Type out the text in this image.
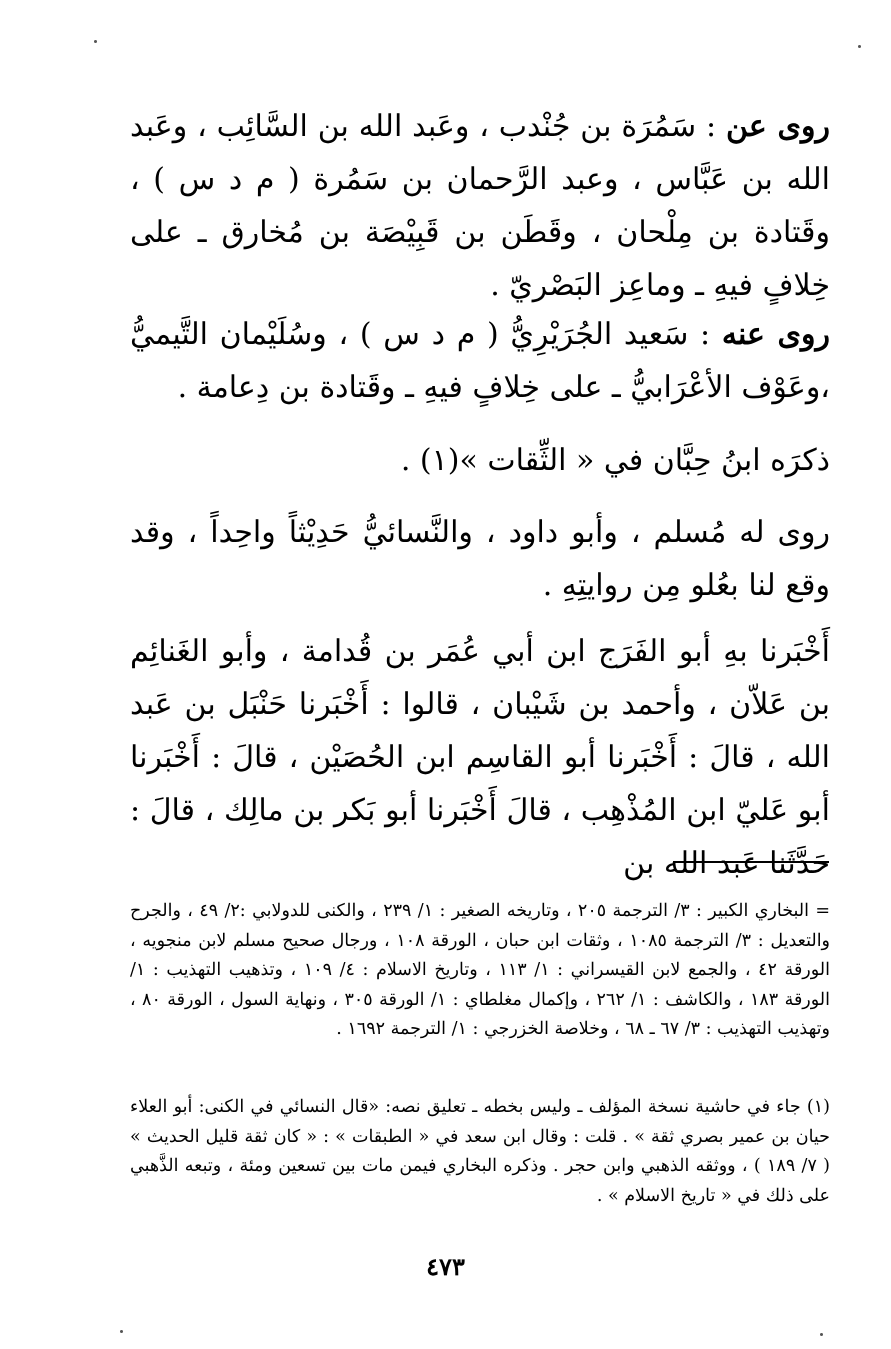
روى عن : سَمُرَة بن جُنْدب ، وعَبد الله بن السَّائِب ، وعَبد الله بن عَبَّاس ، وعبد الرَّحمان بن سَمُرة ( م د س ) ، وقَتادة بن مِلْحان ، وقَطَن بن قَبِيْصَة بن مُخارق ـ على خِلافٍ فيهِ ـ وماعِز البَصْريّ .
روى عنه : سَعيد الجُرَيْرِيُّ ( م د س ) ، وسُلَيْمان التَّيميُّ ،وعَوْف الأعْرَابيُّ ـ على خِلافٍ فيهِ ـ وقَتادة بن دِعامة .
ذكرَه ابنُ حِبَّان في « الثِّقات »(١) .
روى له مُسلم ، وأبو داود ، والنَّسائيُّ حَدِيْثاً واحِداً ، وقد وقع لنا بعُلو مِن روايتِهِ .
أَخْبَرنا بهِ أبو الفَرَج ابن أبي عُمَر بن قُدامة ، وأبو الغَنائِم بن عَلاّن ، وأحمد بن شَيْبان ، قالوا : أَخْبَرنا حَنْبَل بن عَبد الله ، قالَ : أَخْبَرنا أبو القاسِم ابن الحُصَيْن ، قالَ : أَخْبَرنا أبو عَليّ ابن المُذْهِب ، قالَ أَخْبَرنا أبو بَكر بن مالِك ، قالَ : حَدَّثَنا عَبد الله بن
= البخاري الكبير : ٣/ الترجمة ٢٠٥ ، وتاريخه الصغير : ١/ ٢٣٩ ، والكنى للدولابي :٢/ ٤٩ ، والجرح والتعديل : ٣/ الترجمة ١٠٨٥ ، وثقات ابن حبان ، الورقة ١٠٨ ، ورجال صحيح مسلم لابن منجويه ، الورقة ٤٢ ، والجمع لابن القيسراني : ١/ ١١٣ ، وتاريخ الاسلام : ٤/ ١٠٩ ، وتذهيب التهذيب : ١/ الورقة ١٨٣ ، والكاشف : ١/ ٢٦٢ ، وإكمال مغلطاي : ١/ الورقة ٣٠٥ ، ونهاية السول ، الورقة ٨٠ ، وتهذيب التهذيب : ٣/ ٦٧ ـ ٦٨ ، وخلاصة الخزرجي : ١/ الترجمة ١٦٩٢ .
(١) جاء في حاشية نسخة المؤلف ـ وليس بخطه ـ تعليق نصه: «قال النسائي في الكنى: أبو العلاء حيان بن عمير بصري ثقة » . قلت : وقال ابن سعد في « الطبقات » : « كان ثقة قليل الحديث » ( ٧/ ١٨٩ ) ، ووثقه الذهبي وابن حجر . وذكره البخاري فيمن مات بين تسعين ومئة ، وتبعه الذَّهبي على ذلك في « تاريخ الاسلام » .
٤٧٣
